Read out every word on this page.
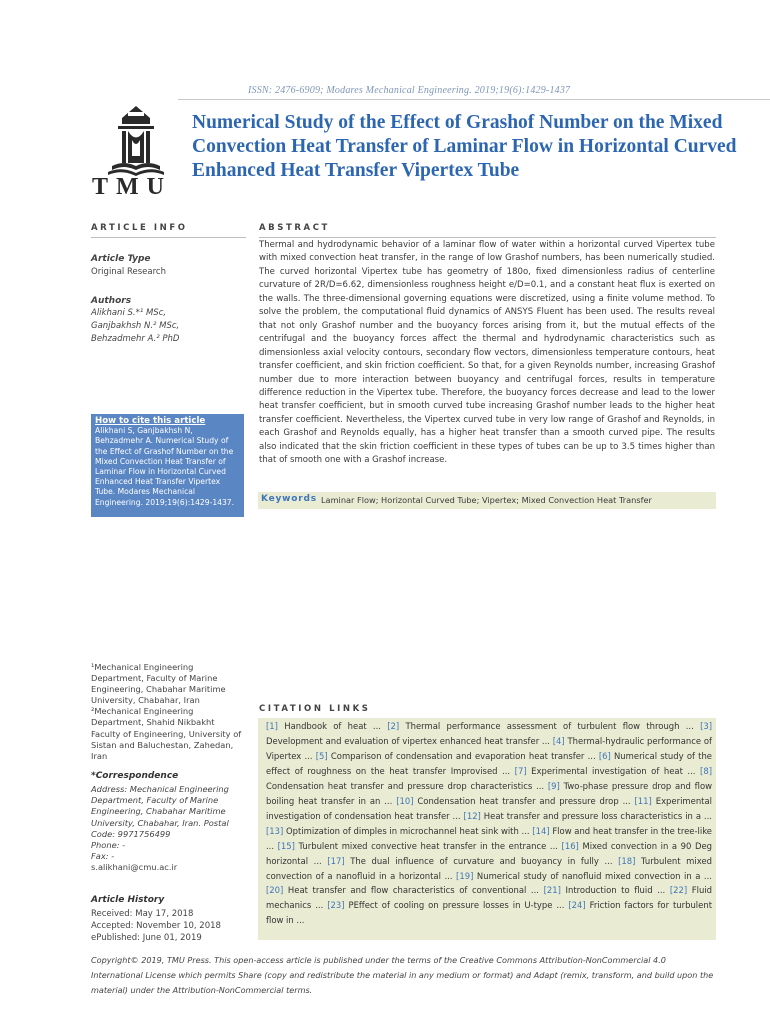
ISSN: 2476-6909; Modares Mechanical Engineering. 2019;19(6):1429-1437
TMU
Numerical Study of the Effect of Grashof Number on the Mixed Convection Heat Transfer of Laminar Flow in Horizontal Curved Enhanced Heat Transfer Vipertex Tube
ARTICLE INFO
Article Type
Original Research
Authors
Alikhani S.*¹ MSc,
Ganjbakhsh N.² MSc,
Behzadmehr A.² PhD
How to cite this article
Alikhani S, Ganjbakhsh N, Behzadmehr A. Numerical Study of the Effect of Grashof Number on the Mixed Convection Heat Transfer of Laminar Flow in Horizontal Curved Enhanced Heat Transfer Vipertex Tube. Modares Mechanical Engineering. 2019;19(6):1429-1437.
¹Mechanical Engineering Department, Faculty of Marine Engineering, Chabahar Maritime University, Chabahar, Iran
²Mechanical Engineering Department, Shahid Nikbakht Faculty of Engineering, University of Sistan and Baluchestan, Zahedan, Iran
*Correspondence
Address: Mechanical Engineering Department, Faculty of Marine Engineering, Chabahar Maritime University, Chabahar, Iran. Postal Code: 9971756499
Phone: -
Fax: -
s.alikhani@cmu.ac.ir
Article History
Received: May 17, 2018
Accepted: November 10, 2018
ePublished: June 01, 2019
ABSTRACT
Thermal and hydrodynamic behavior of a laminar flow of water within a horizontal curved Vipertex tube with mixed convection heat transfer, in the range of low Grashof numbers, has been numerically studied. The curved horizontal Vipertex tube has geometry of 180o, fixed dimensionless radius of centerline curvature of 2R/D=6.62, dimensionless roughness height e/D=0.1, and a constant heat flux is exerted on the walls. The three-dimensional governing equations were discretized, using a finite volume method. To solve the problem, the computational fluid dynamics of ANSYS Fluent has been used. The results reveal that not only Grashof number and the buoyancy forces arising from it, but the mutual effects of the centrifugal and the buoyancy forces affect the thermal and hydrodynamic characteristics such as dimensionless axial velocity contours, secondary flow vectors, dimensionless temperature contours, heat transfer coefficient, and skin friction coefficient. So that, for a given Reynolds number, increasing Grashof number due to more interaction between buoyancy and centrifugal forces, results in temperature difference reduction in the Vipertex tube. Therefore, the buoyancy forces decrease and lead to the lower heat transfer coefficient, but in smooth curved tube increasing Grashof number leads to the higher heat transfer coefficient. Nevertheless, the Vipertex curved tube in very low range of Grashof and Reynolds, in each Grashof and Reynolds equally, has a higher heat transfer than a smooth curved pipe. The results also indicated that the skin friction coefficient in these types of tubes can be up to 3.5 times higher than that of smooth one with a Grashof increase.
Keywords Laminar Flow; Horizontal Curved Tube; Vipertex; Mixed Convection Heat Transfer
CITATION LINKS
[1] Handbook of heat ... [2] Thermal performance assessment of turbulent flow through ... [3] Development and evaluation of vipertex enhanced heat transfer ... [4] Thermal-hydraulic performance of Vipertex ... [5] Comparison of condensation and evaporation heat transfer ... [6] Numerical study of the effect of roughness on the heat transfer Improvised ... [7] Experimental investigation of heat ... [8] Condensation heat transfer and pressure drop characteristics ... [9] Two-phase pressure drop and flow boiling heat transfer in an ... [10] Condensation heat transfer and pressure drop ... [11] Experimental investigation of condensation heat transfer ... [12] Heat transfer and pressure loss characteristics in a ... [13] Optimization of dimples in microchannel heat sink with ... [14] Flow and heat transfer in the tree-like ... [15] Turbulent mixed convective heat transfer in the entrance ... [16] Mixed convection in a 90 Deg horizontal ... [17] The dual influence of curvature and buoyancy in fully ... [18] Turbulent mixed convection of a nanofluid in a horizontal ... [19] Numerical study of nanofluid mixed convection in a ... [20] Heat transfer and flow characteristics of conventional ... [21] Introduction to fluid ... [22] Fluid mechanics ... [23] PEffect of cooling on pressure losses in U-type ... [24] Friction factors for turbulent flow in ...
Copyright© 2019, TMU Press. This open-access article is published under the terms of the Creative Commons Attribution-NonCommercial 4.0 International License which permits Share (copy and redistribute the material in any medium or format) and Adapt (remix, transform, and build upon the material) under the Attribution-NonCommercial terms.
